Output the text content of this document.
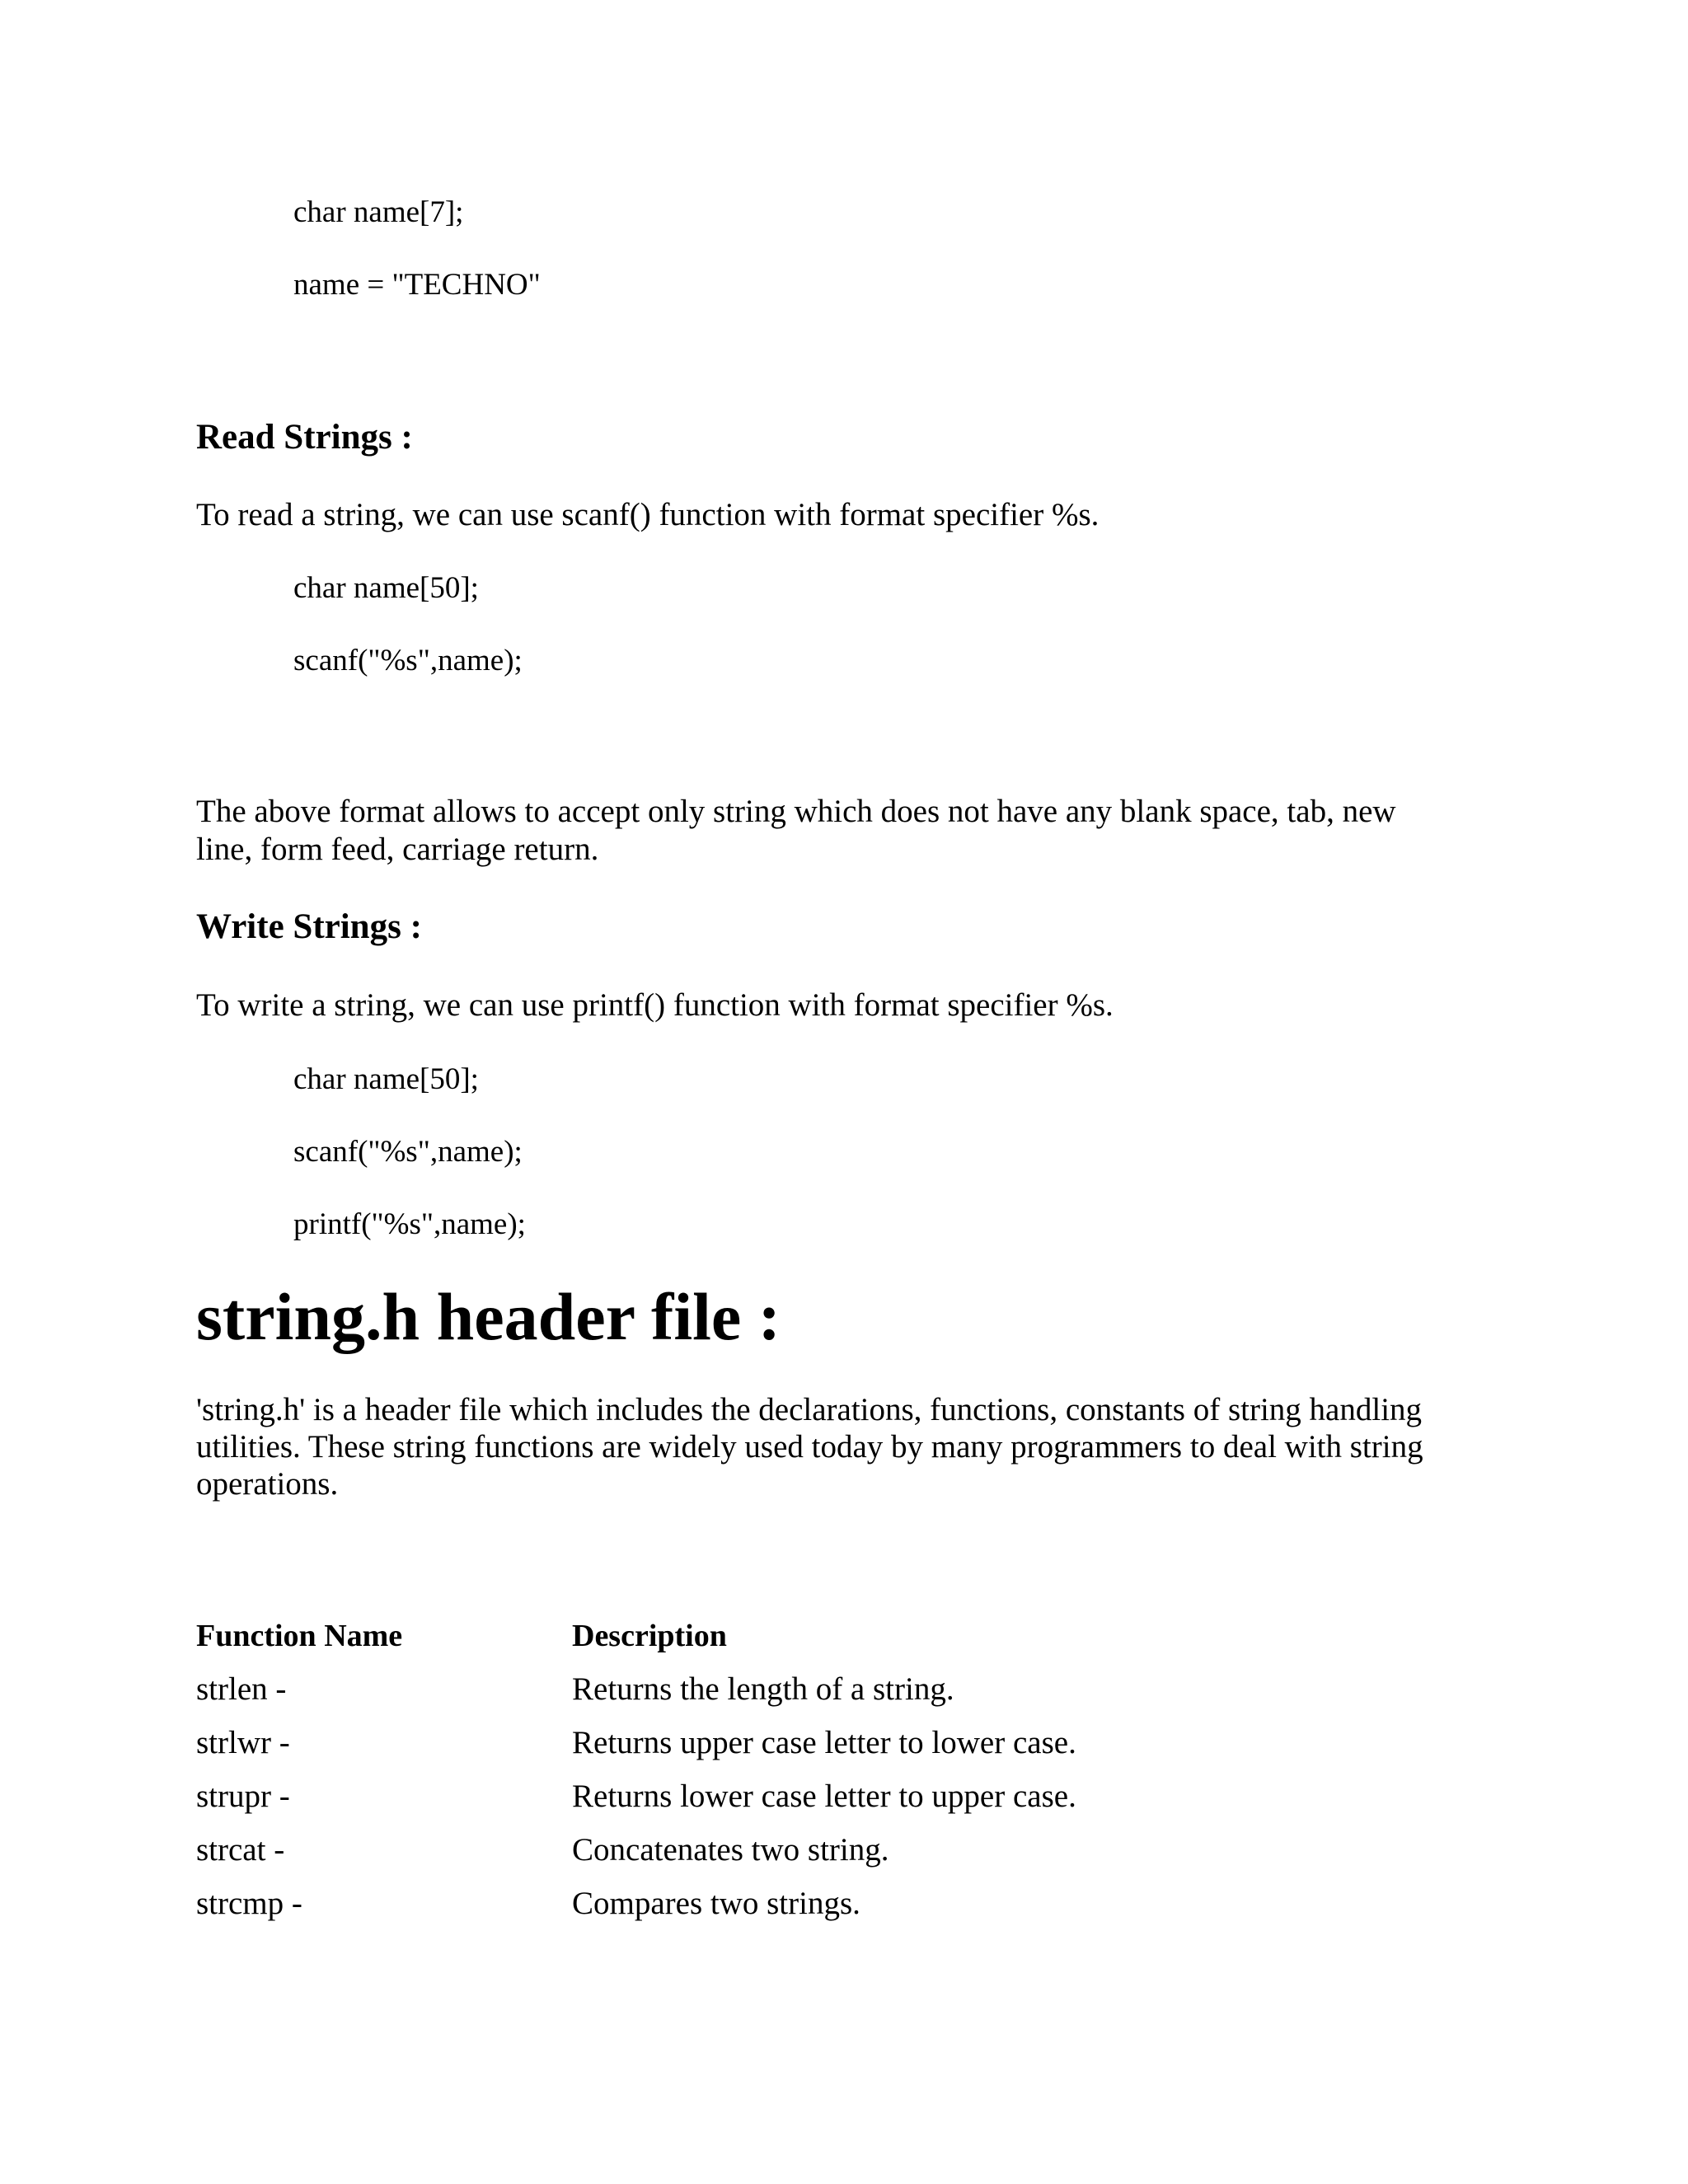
char name[7];
name = "TECHNO"
Read Strings :
To read a string, we can use scanf() function with format specifier %s.
char name[50];
scanf("%s",name);
The above format allows to accept only string which does not have any blank space, tab, new
line, form feed, carriage return.
Write Strings :
To write a string, we can use printf() function with format specifier %s.
char name[50];
scanf("%s",name);
printf("%s",name);
string.h header file :
'string.h' is a header file which includes the declarations, functions, constants of string handling
utilities. These string functions are widely used today by many programmers to deal with string
operations.
Function Name	Description
strlen -	Returns the length of a string.
strlwr -	Returns upper case letter to lower case.
strupr -	Returns lower case letter to upper case.
strcat -	Concatenates two string.
strcmp -	Compares two strings.
